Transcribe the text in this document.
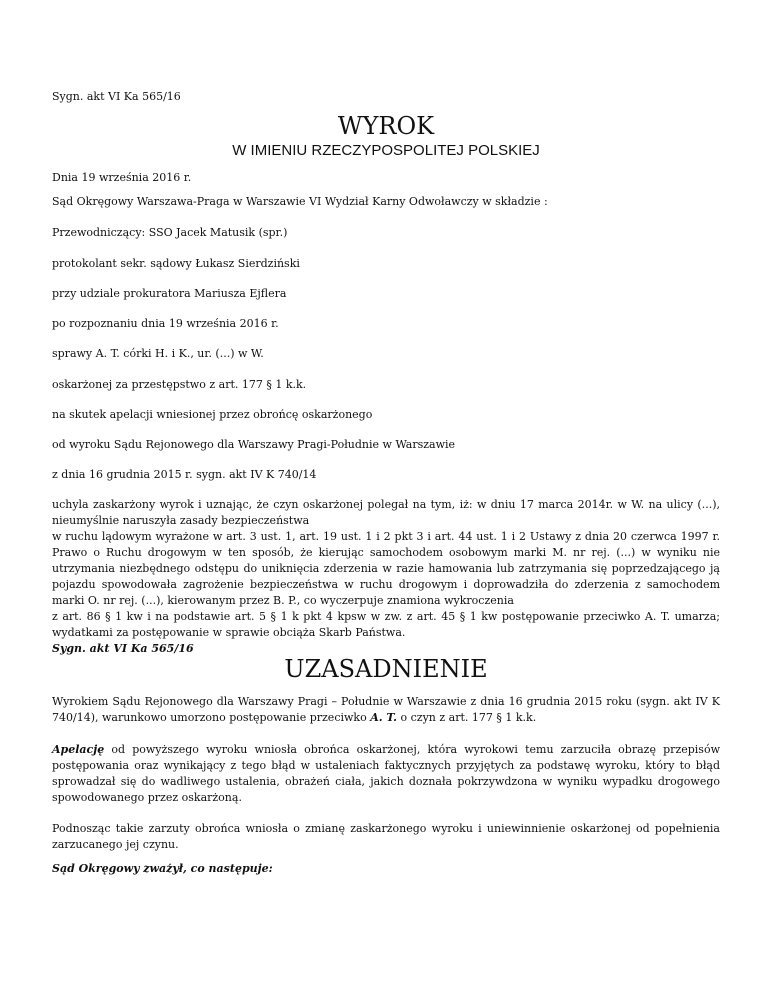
Sygn. akt VI Ka 565/16

WYROK
W IMIENIU RZECZYPOSPOLITEJ POLSKIEJ

Dnia 19 września 2016 r.

Sąd Okręgowy Warszawa-Praga w Warszawie VI Wydział Karny Odwoławczy w składzie :

Przewodniczący: SSO Jacek Matusik (spr.)

protokolant sekr. sądowy Łukasz Sierdziński

przy udziale prokuratora Mariusza Ejflera

po rozpoznaniu dnia 19 września 2016 r.

sprawy A. T. córki H. i K., ur. (...) w W.

oskarżonej za przestępstwo z art. 177 § 1 k.k.

na skutek apelacji wniesionej przez obrońcę oskarżonego

od wyroku Sądu Rejonowego dla Warszawy Pragi-Południe w Warszawie

z dnia 16 grudnia 2015 r. sygn. akt IV K 740/14

uchyla zaskarżony wyrok i uznając, że czyn oskarżonej polegał na tym, iż: w dniu 17 marca 2014r. w W. na ulicy (...), nieumyślnie naruszyła zasady bezpieczeństwa
w ruchu lądowym wyrażone w art. 3 ust. 1, art. 19 ust. 1 i 2 pkt 3 i art. 44 ust. 1 i 2 Ustawy z dnia 20 czerwca 1997 r. Prawo o Ruchu drogowym w ten sposób, że kierując samochodem osobowym marki M. nr rej. (...) w wyniku nie utrzymania niezbędnego odstępu do uniknięcia zderzenia w razie hamowania lub zatrzymania się poprzedzającego ją pojazdu spowodowała zagrożenie bezpieczeństwa w ruchu drogowym i doprowadziła do zderzenia z samochodem marki O. nr rej. (...), kierowanym przez B. P., co wyczerpuje znamiona wykroczenia
z art. 86 § 1 kw i na podstawie art. 5 § 1 k pkt 4 kpsw w zw. z art. 45 § 1 kw postępowanie przeciwko A. T. umarza; wydatkami za postępowanie w sprawie obciąża Skarb Państwa.

Sygn. akt VI Ka 565/16

UZASADNIENIE

Wyrokiem Sądu Rejonowego dla Warszawy Pragi – Południe w Warszawie z dnia 16 grudnia 2015 roku (sygn. akt IV K 740/14), warunkowo umorzono postępowanie przeciwko A. T. o czyn z art. 177 § 1 k.k.

Apelację od powyższego wyroku wniosła obrońca oskarżonej, która wyrokowi temu zarzuciła obrazę przepisów postępowania oraz wynikający z tego błąd w ustaleniach faktycznych przyjętych za podstawę wyroku, który to błąd sprowadzał się do wadliwego ustalenia, obrażeń ciała, jakich doznała pokrzywdzona w wyniku wypadku drogowego spowodowanego przez oskarżoną.

Podnosząc takie zarzuty obrońca wniosła o zmianę zaskarżonego wyroku i uniewinnienie oskarżonej od popełnienia zarzucanego jej czynu.

Sąd Okręgowy zważył, co następuje:
